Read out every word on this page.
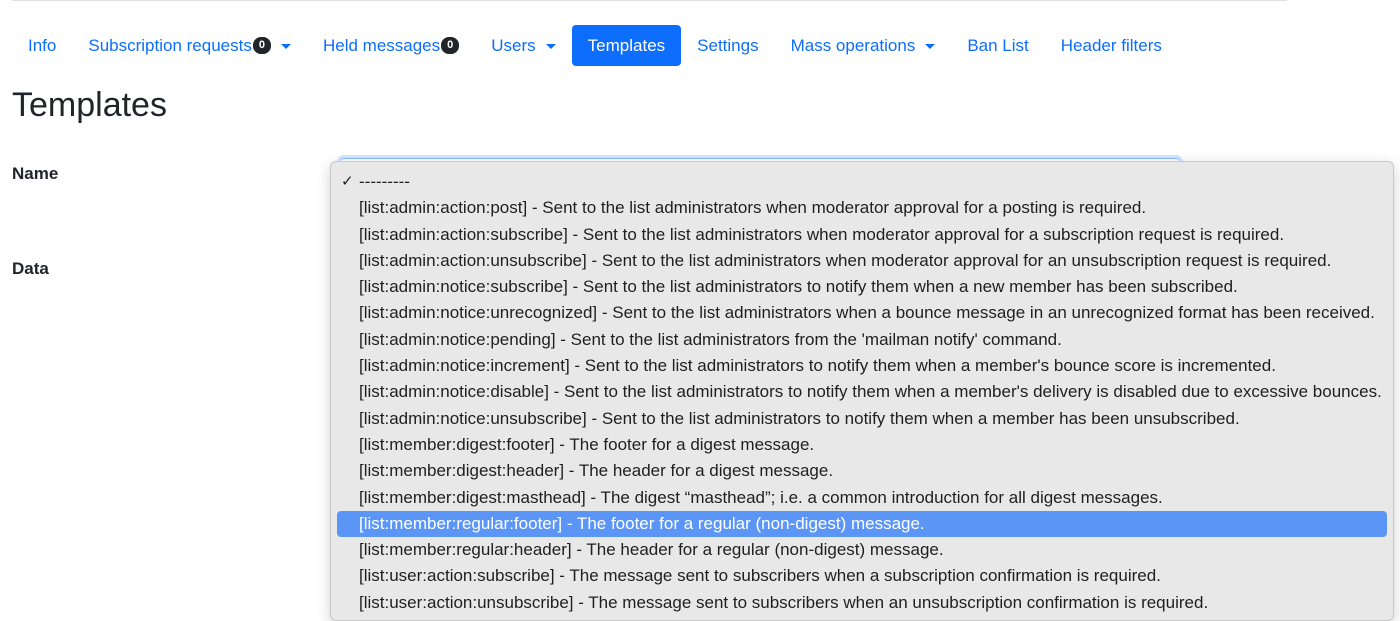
Info Subscription requests 0	Held messages 0	Users	Templates Settings Mass operations	Ban List Header filters
Templates
Name
Data
✓ ---------
[list:admin:action:post] - Sent to the list administrators when moderator approval for a posting is required.
[list:admin:action:subscribe] - Sent to the list administrators when moderator approval for a subscription request is required.
[list:admin:action:unsubscribe] - Sent to the list administrators when moderator approval for an unsubscription request is required.
[list:admin:notice:subscribe] - Sent to the list administrators to notify them when a new member has been subscribed.
[list:admin:notice:unrecognized] - Sent to the list administrators when a bounce message in an unrecognized format has been received.
[list:admin:notice:pending] - Sent to the list administrators from the 'mailman notify' command.
[list:admin:notice:increment] - Sent to the list administrators to notify them when a member's bounce score is incremented.
[list:admin:notice:disable] - Sent to the list administrators to notify them when a member's delivery is disabled due to excessive bounces.
[list:admin:notice:unsubscribe] - Sent to the list administrators to notify them when a member has been unsubscribed.
[list:member:digest:footer] - The footer for a digest message.
[list:member:digest:header] - The header for a digest message.
[list:member:digest:masthead] - The digest “masthead”; i.e. a common introduction for all digest messages.
[list:member:regular:footer] - The footer for a regular (non-digest) message.
[list:member:regular:header] - The header for a regular (non-digest) message.
[list:user:action:subscribe] - The message sent to subscribers when a subscription confirmation is required.
[list:user:action:unsubscribe] - The message sent to subscribers when an unsubscription confirmation is required.
